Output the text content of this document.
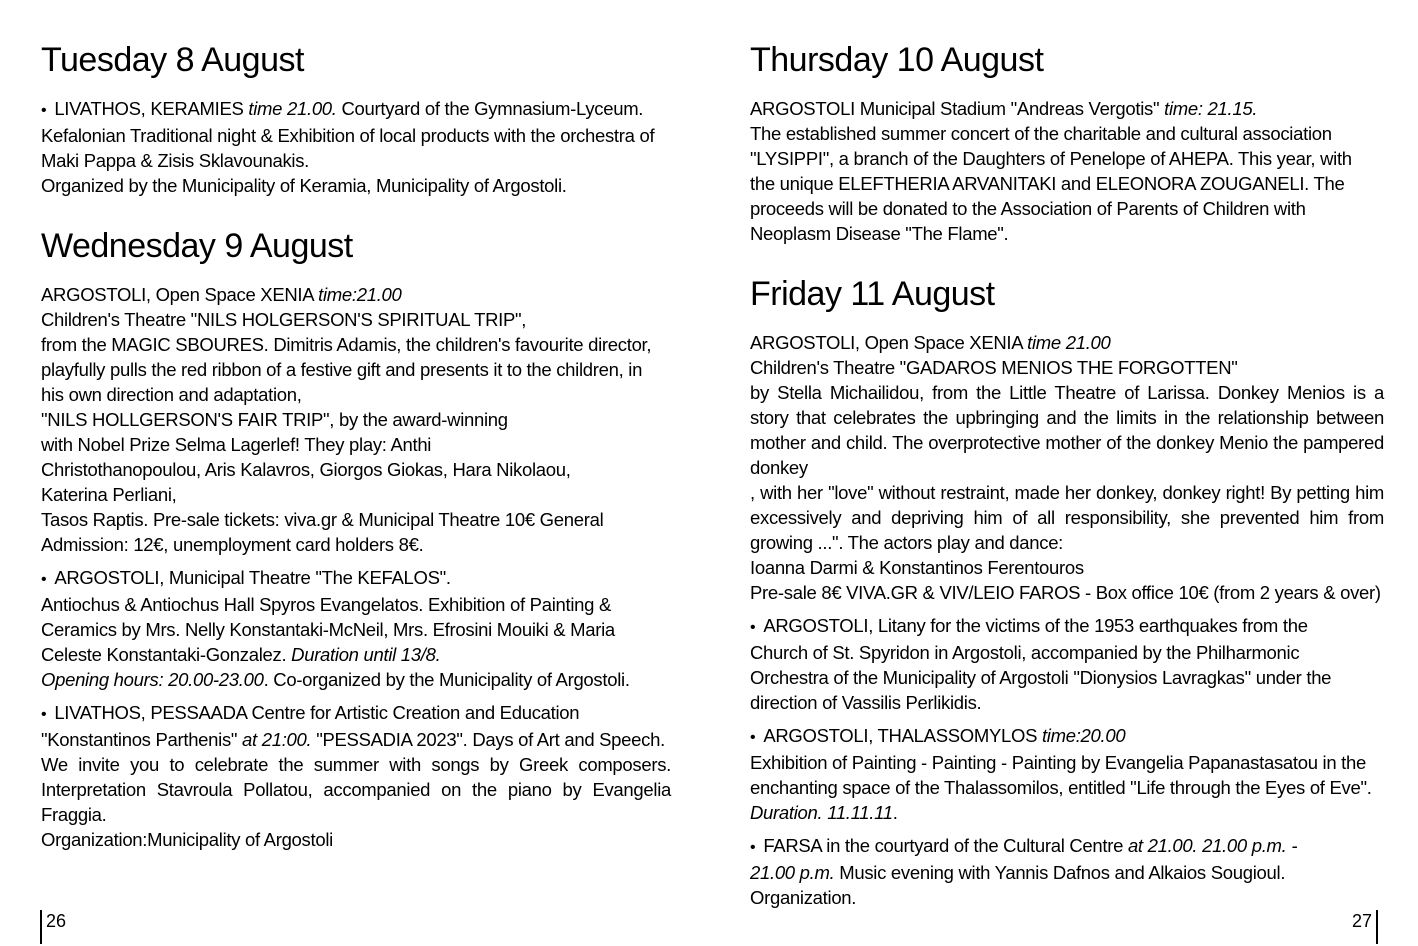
Tuesday 8 August
• LIVATHOS, KERAMIES time 21.00. Courtyard of the Gymnasium-Lyceum.
Kefalonian Traditional night & Exhibition of local products with the orchestra of
Maki Pappa & Zisis Sklavounakis.
Organized by the Municipality of Keramia, Municipality of Argostoli.
Wednesday 9 August
ARGOSTOLI, Open Space XENIA time:21.00
Children's Theatre "NILS HOLGERSON'S SPIRITUAL TRIP",
from the MAGIC SBOURES. Dimitris Adamis, the children's favourite director,
playfully pulls the red ribbon of a festive gift and presents it to the children, in
his own direction and adaptation,
"NILS HOLLGERSON'S FAIR TRIP", by the award-winning
with Nobel Prize Selma Lagerlef! They play: Anthi
Christothanopoulou, Aris Kalavros, Giorgos Giokas, Hara Nikolaou,
Katerina Perliani,
Tasos Raptis. Pre-sale tickets: viva.gr & Municipal Theatre 10€ General
Admission: 12€, unemployment card holders 8€.
• ARGOSTOLI, Municipal Theatre "The KEFALOS".
Antiochus & Antiochus Hall Spyros Evangelatos. Exhibition of Painting &
Ceramics by Mrs. Nelly Konstantaki-McNeil, Mrs. Efrosini Mouiki & Maria
Celeste Konstantaki-Gonzalez. Duration until 13/8.
Opening hours: 20.00-23.00. Co-organized by the Municipality of Argostoli.
• LIVATHOS, PESSAADA Centre for Artistic Creation and Education
"Konstantinos Parthenis" at 21:00. "PESSADIA 2023". Days of Art and Speech.
We invite you to celebrate the summer with songs by Greek composers.
Interpretation Stavroula Pollatou, accompanied on the piano by Evangelia
Fraggia.
Organization:Municipality of Argostoli
26
Thursday 10 August
ARGOSTOLI Municipal Stadium "Andreas Vergotis" time: 21.15.
The established summer concert of the charitable and cultural association
"LYSIPPI", a branch of the Daughters of Penelope of AHEPA. This year, with
the unique ELEFTHERIA ARVANITAKI and ELEONORA ZOUGANELI. The
proceeds will be donated to the Association of Parents of Children with
Neoplasm Disease "The Flame".
Friday 11 August
ARGOSTOLI, Open Space XENIA time 21.00
Children's Theatre "GADAROS MENIOS THE FORGOTTEN"
by Stella Michailidou, from the Little Theatre of Larissa. Donkey Menios is a
story that celebrates the upbringing and the limits in the relationship between
mother and child. The overprotective mother of the donkey Menio the pampered
donkey
, with her "love" without restraint, made her donkey, donkey right! By petting him
excessively and depriving him of all responsibility, she prevented him from
growing ...". The actors play and dance:
Ioanna Darmi & Konstantinos Ferentouros
Pre-sale 8€ VIVA.GR & VIV/LEIO FAROS - Box office 10€ (from 2 years & over)
• ARGOSTOLI, Litany for the victims of the 1953 earthquakes from the
Church of St. Spyridon in Argostoli, accompanied by the Philharmonic
Orchestra of the Municipality of Argostoli "Dionysios Lavragkas" under the
direction of Vassilis Perlikidis.
• ARGOSTOLI, THALASSOMYLOS time:20.00
Exhibition of Painting - Painting - Painting by Evangelia Papanastasatou in the
enchanting space of the Thalassomilos, entitled "Life through the Eyes of Eve".
Duration. 11.11.11.
• FARSA in the courtyard of the Cultural Centre at 21.00. 21.00 p.m. -
21.00 p.m. Music evening with Yannis Dafnos and Alkaios Sougioul.
Organization.
27
